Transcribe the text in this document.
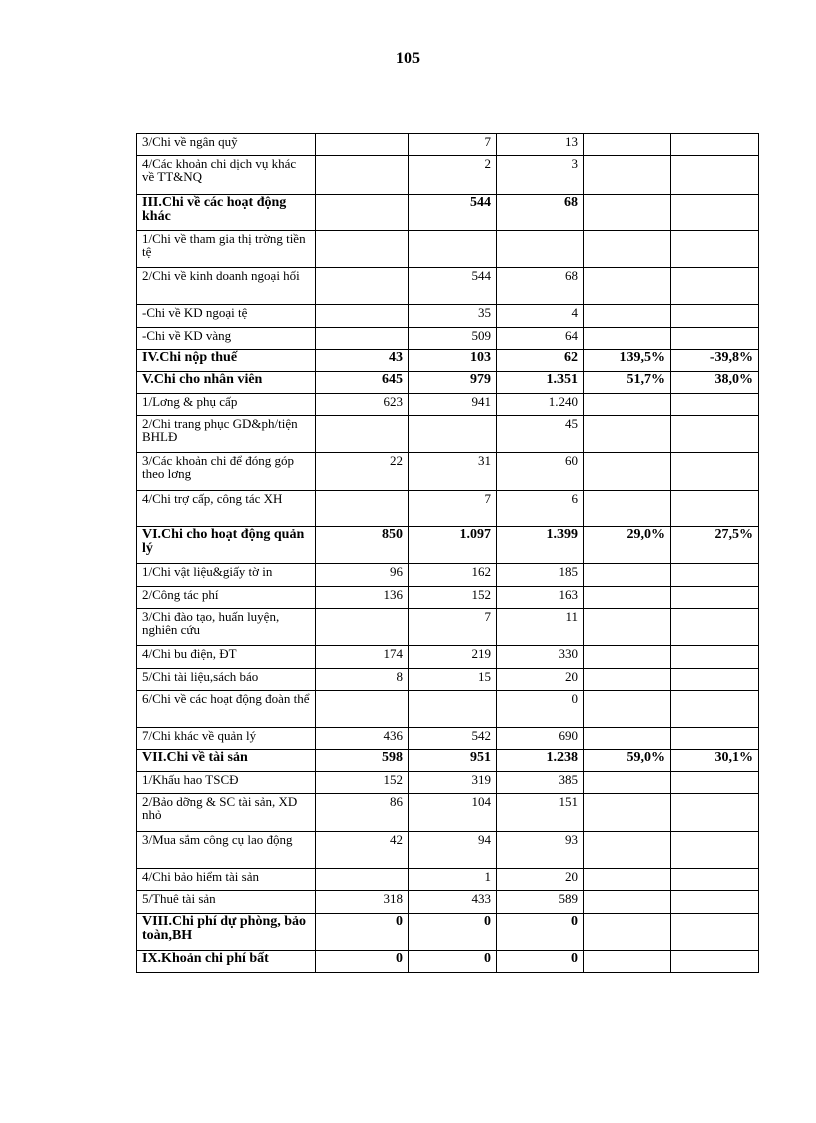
105
3/Chi về ngân quỹ		7	13		
4/Các khoản chi dịch vụ khác về TT&NQ		2	3		
III.Chi về các hoạt động khác		544	68		
1/Chi về tham gia thị trờng tiền tệ					
2/Chi về kinh doanh ngoại hối		544	68		
-Chi về KD ngoại tệ		35	4		
-Chi về KD vàng		509	64		
IV.Chi nộp thuế	43	103	62	139,5%	-39,8%
V.Chi cho nhân viên	645	979	1.351	51,7%	38,0%
1/Lơng & phụ cấp	623	941	1.240		
2/Chi trang phục GD&ph/tiện BHLĐ			45		
3/Các khoản chi để đóng góp theo lơng	22	31	60		
4/Chi trợ cấp, công tác XH		7	6		
VI.Chi cho hoạt động quản lý	850	1.097	1.399	29,0%	27,5%
1/Chi vật liệu&giấy tờ in	96	162	185		
2/Công tác phí	136	152	163		
3/Chi đào tạo, huấn luyện, nghiên cứu		7	11		
4/Chi bu điện, ĐT	174	219	330		
5/Chi tài liệu,sách báo	8	15	20		
6/Chi về các hoạt động đoàn thể			0		
7/Chi khác về quản lý	436	542	690		
VII.Chi về tài sản	598	951	1.238	59,0%	30,1%
1/Khấu hao TSCĐ	152	319	385		
2/Bảo dỡng & SC tài sản, XD nhỏ	86	104	151		
3/Mua sắm công cụ lao động	42	94	93		
4/Chi bảo hiểm tài sản		1	20		
5/Thuê tài sản	318	433	589		
VIII.Chi phí dự phòng, bảo toàn,BH	0	0	0		
IX.Khoản chi phí bất	0	0	0		
